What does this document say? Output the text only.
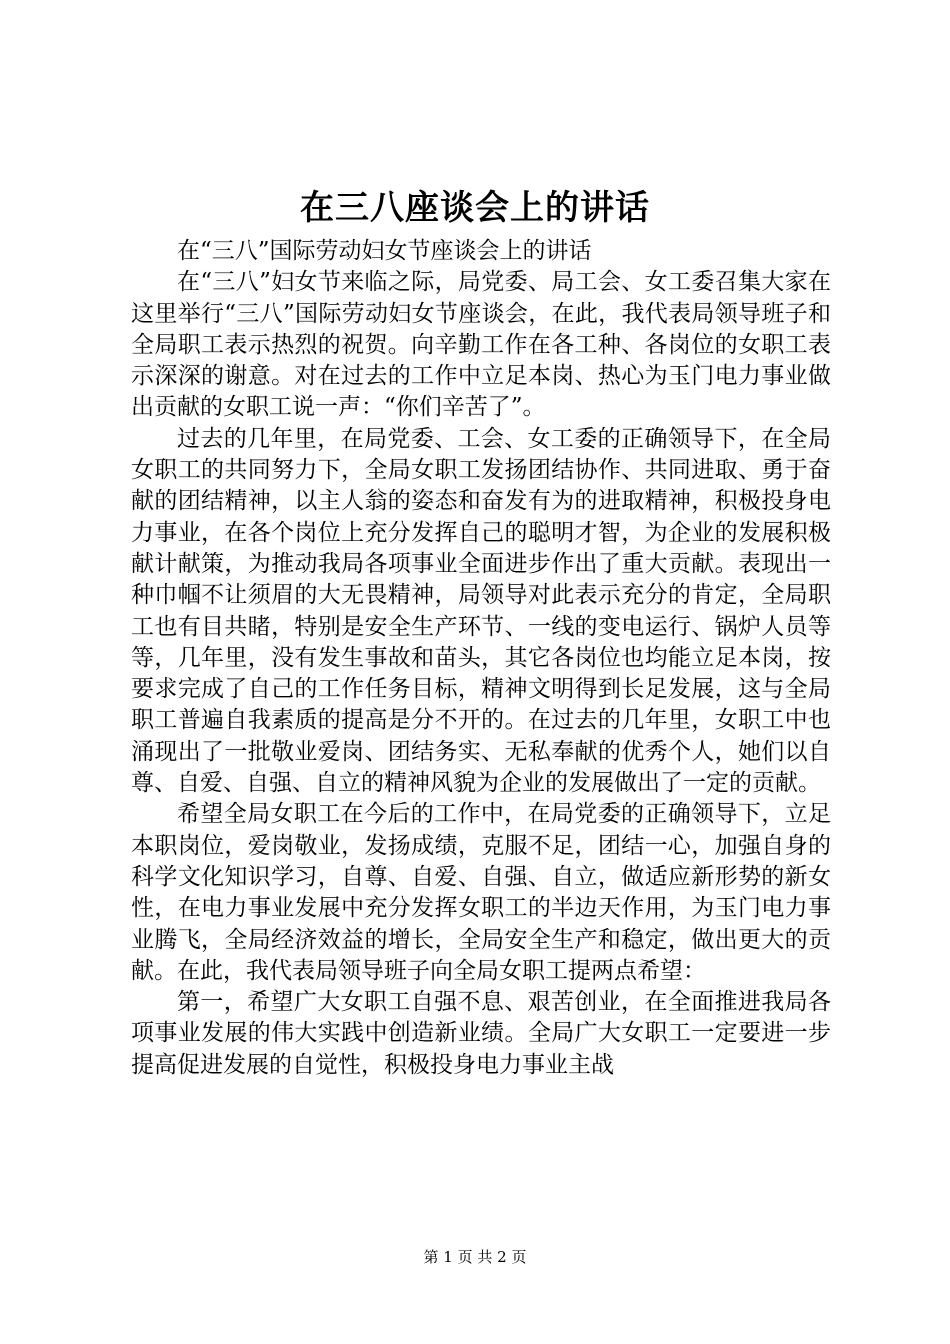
在三八座谈会上的讲话

在“三八”国际劳动妇女节座谈会上的讲话

在“三八”妇女节来临之际，局党委、局工会、女工委召集大家在这里举行“三八”国际劳动妇女节座谈会，在此，我代表局领导班子和全局职工表示热烈的祝贺。向辛勤工作在各工种、各岗位的女职工表示深深的谢意。对在过去的工作中立足本岗、热心为玉门电力事业做出贡献的女职工说一声：“你们辛苦了”。

过去的几年里，在局党委、工会、女工委的正确领导下，在全局女职工的共同努力下，全局女职工发扬团结协作、共同进取、勇于奋献的团结精神，以主人翁的姿态和奋发有为的进取精神，积极投身电力事业，在各个岗位上充分发挥自己的聪明才智，为企业的发展积极献计献策，为推动我局各项事业全面进步作出了重大贡献。表现出一种巾帼不让须眉的大无畏精神，局领导对此表示充分的肯定，全局职工也有目共睹，特别是安全生产环节、一线的变电运行、锅炉人员等等，几年里，没有发生事故和苗头，其它各岗位也均能立足本岗，按要求完成了自己的工作任务目标，精神文明得到长足发展，这与全局职工普遍自我素质的提高是分不开的。在过去的几年里，女职工中也涌现出了一批敬业爱岗、团结务实、无私奉献的优秀个人，她们以自尊、自爱、自强、自立的精神风貌为企业的发展做出了一定的贡献。

希望全局女职工在今后的工作中，在局党委的正确领导下，立足本职岗位，爱岗敬业，发扬成绩，克服不足，团结一心，加强自身的科学文化知识学习，自尊、自爱、自强、自立，做适应新形势的新女性，在电力事业发展中充分发挥女职工的半边天作用，为玉门电力事业腾飞，全局经济效益的增长，全局安全生产和稳定，做出更大的贡献。在此，我代表局领导班子向全局女职工提两点希望：

第一，希望广大女职工自强不息、艰苦创业，在全面推进我局各项事业发展的伟大实践中创造新业绩。全局广大女职工一定要进一步提高促进发展的自觉性，积极投身电力事业主战

第 1 页 共 2 页
